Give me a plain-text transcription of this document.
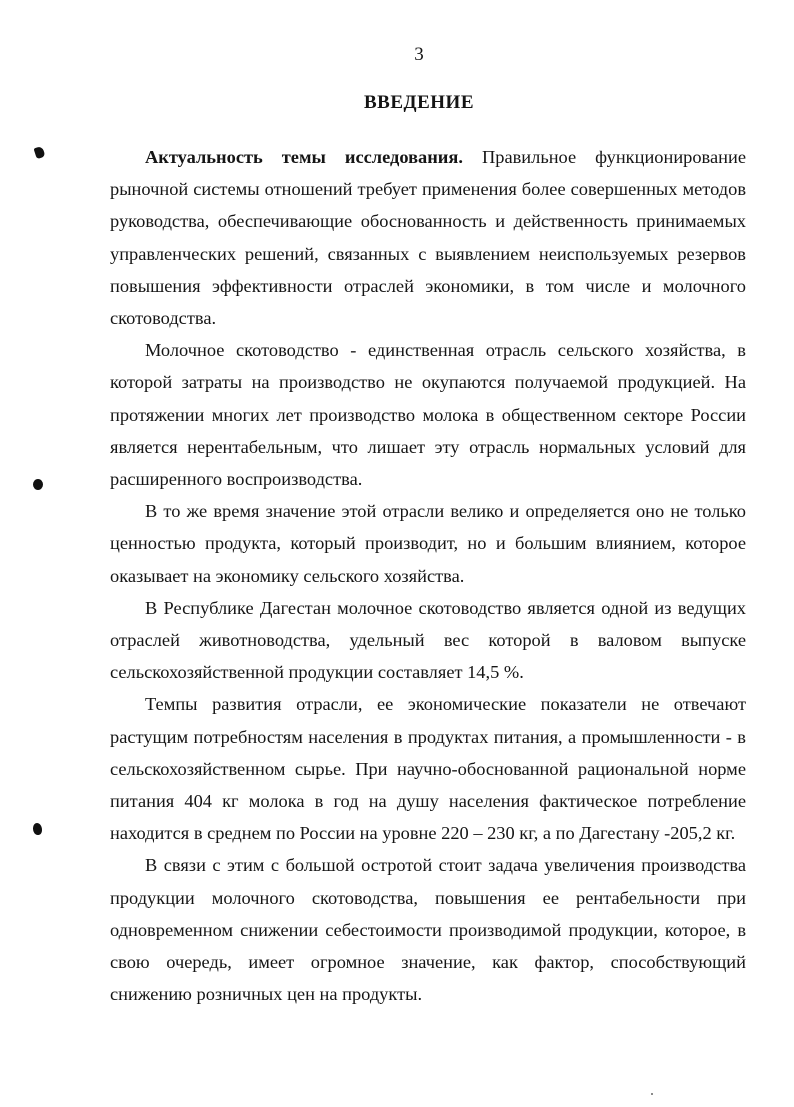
3
ВВЕДЕНИЕ

Актуальность темы исследования. Правильное функционирование рыночной системы отношений требует применения более совершенных методов руководства, обеспечивающие обоснованность и действенность принимаемых управленческих решений, связанных с выявлением неиспользуемых резервов повышения эффективности отраслей экономики, в том числе и молочного скотоводства.

Молочное скотоводство - единственная отрасль сельского хозяйства, в которой затраты на производство не окупаются получаемой продукцией. На протяжении многих лет производство молока в общественном секторе России является нерентабельным, что лишает эту отрасль нормальных условий для расширенного воспроизводства.

В то же время значение этой отрасли велико и определяется оно не только ценностью продукта, который производит, но и большим влиянием, которое оказывает на экономику сельского хозяйства.

В Республике Дагестан молочное скотоводство является одной из ведущих отраслей животноводства, удельный вес которой в валовом выпуске сельскохозяйственной продукции составляет 14,5 %.

Темпы развития отрасли, ее экономические показатели не отвечают растущим потребностям населения в продуктах питания, а промышленности - в сельскохозяйственном сырье. При научно-обоснованной рациональной норме питания 404 кг молока в год на душу населения фактическое потребление находится в среднем по России на уровне 220 – 230 кг, а по Дагестану -205,2 кг.

В связи с этим с большой остротой стоит задача увеличения производства продукции молочного скотоводства, повышения ее рентабельности при одновременном снижении себестоимости производимой продукции, которое, в свою очередь, имеет огромное значение, как фактор, способствующий снижению розничных цен на продукты.
